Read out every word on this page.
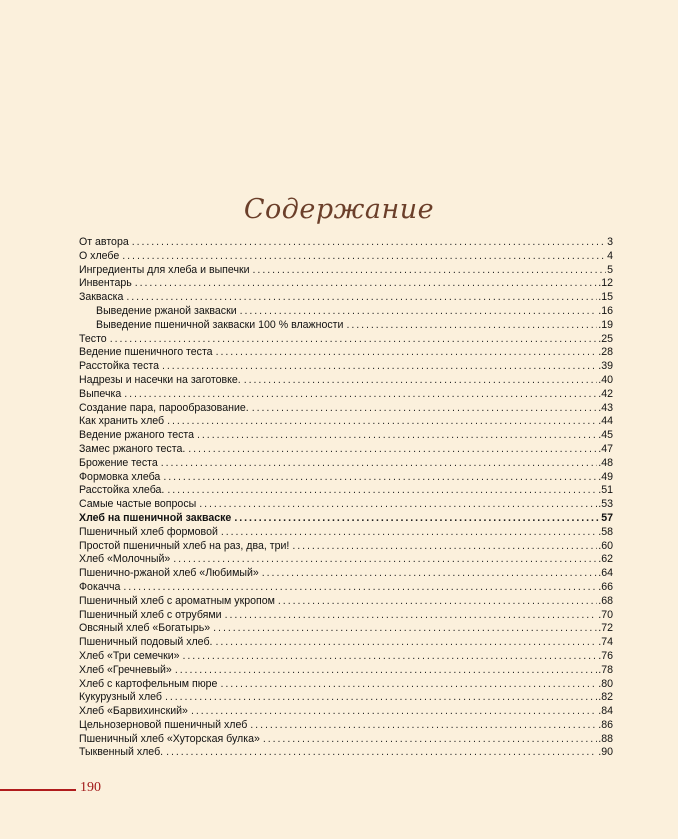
Содержание
От автора . . .	3
О хлебе . . .	4
Ингредиенты для хлеба и выпечки . . .	5
Инвентарь . . .	.12
Закваска . . .	.15
Выведение ржаной закваски . . .	.16
Выведение пшеничной закваски 100 % влажности . . .	.19
Тесто . . .	.25
Ведение пшеничного теста . . .	.28
Расстойка теста . . .	.39
Надрезы и насечки на заготовке. . . .	.40
Выпечка . . .	.42
Создание пара, парообразование. . . .	.43
Как хранить хлеб . . .	.44
Ведение ржаного теста . . .	.45
Замес ржаного теста. . . .	.47
Брожение теста . . .	.48
Формовка хлеба . . .	.49
Расстойка хлеба. . . .	.51
Самые частые вопросы . . .	.53
Хлеб на пшеничной закваске . . .	57
Пшеничный хлеб формовой . . .	.58
Простой пшеничный хлеб на раз, два, три! . . .	.60
Хлеб «Молочный» . . .	.62
Пшенично-ржаной хлеб «Любимый» . . .	.64
Фокачча . . .	.66
Пшеничный хлеб с ароматным укропом . . .	.68
Пшеничный хлеб с отрубями . . .	.70
Овсяный хлеб «Богатырь» . . .	.72
Пшеничный подовый хлеб. . . .	.74
Хлеб «Три семечки» . . .	.76
Хлеб «Гречневый» . . .	.78
Хлеб с картофельным пюре . . .	.80
Кукурузный хлеб . . .	.82
Хлеб «Барвихинский» . . .	.84
Цельнозерновой пшеничный хлеб . . .	.86
Пшеничный хлеб «Хуторская булка» . . .	.88
Тыквенный хлеб. . . .	.90
190
